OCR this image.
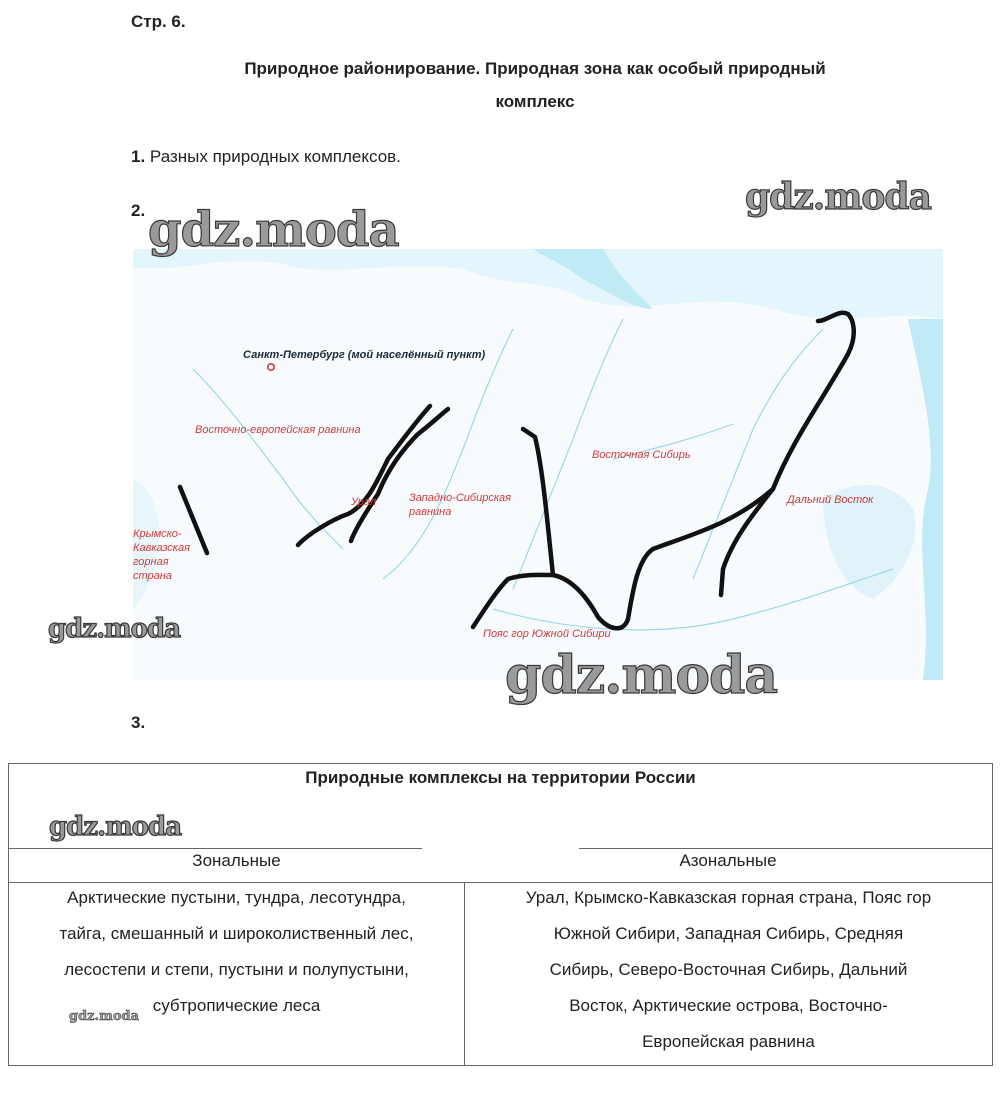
Стр. 6.
Природное районирование. Природная зона как особый природный
комплекс
1. Разных природных комплексов.
2.
Санкт-Петербург (мой населённый пункт)
Восточно-европейская равнина
Урал	Западно-Сибирская
равнина
Восточная Сибирь
Дальний Восток
Крымско-
Кавказская
горная
страна
Пояс гор Южной Сибири
gdz.moda
gdz.moda
gdz.moda
gdz.moda
3.
Природные комплексы на территории России
gdz.moda
Зональные	Азональные
Арктические пустыни, тундра, лесотундра,
тайга, смешанный и широколиственный лес,
лесостепи и степи, пустыни и полупустыни,
субтропические леса
gdz.moda
Урал, Крымско-Кавказская горная страна, Пояс гор
Южной Сибири, Западная Сибирь, Средняя
Сибирь, Северо-Восточная Сибирь, Дальний
Восток, Арктические острова, Восточно-
Европейская равнина
